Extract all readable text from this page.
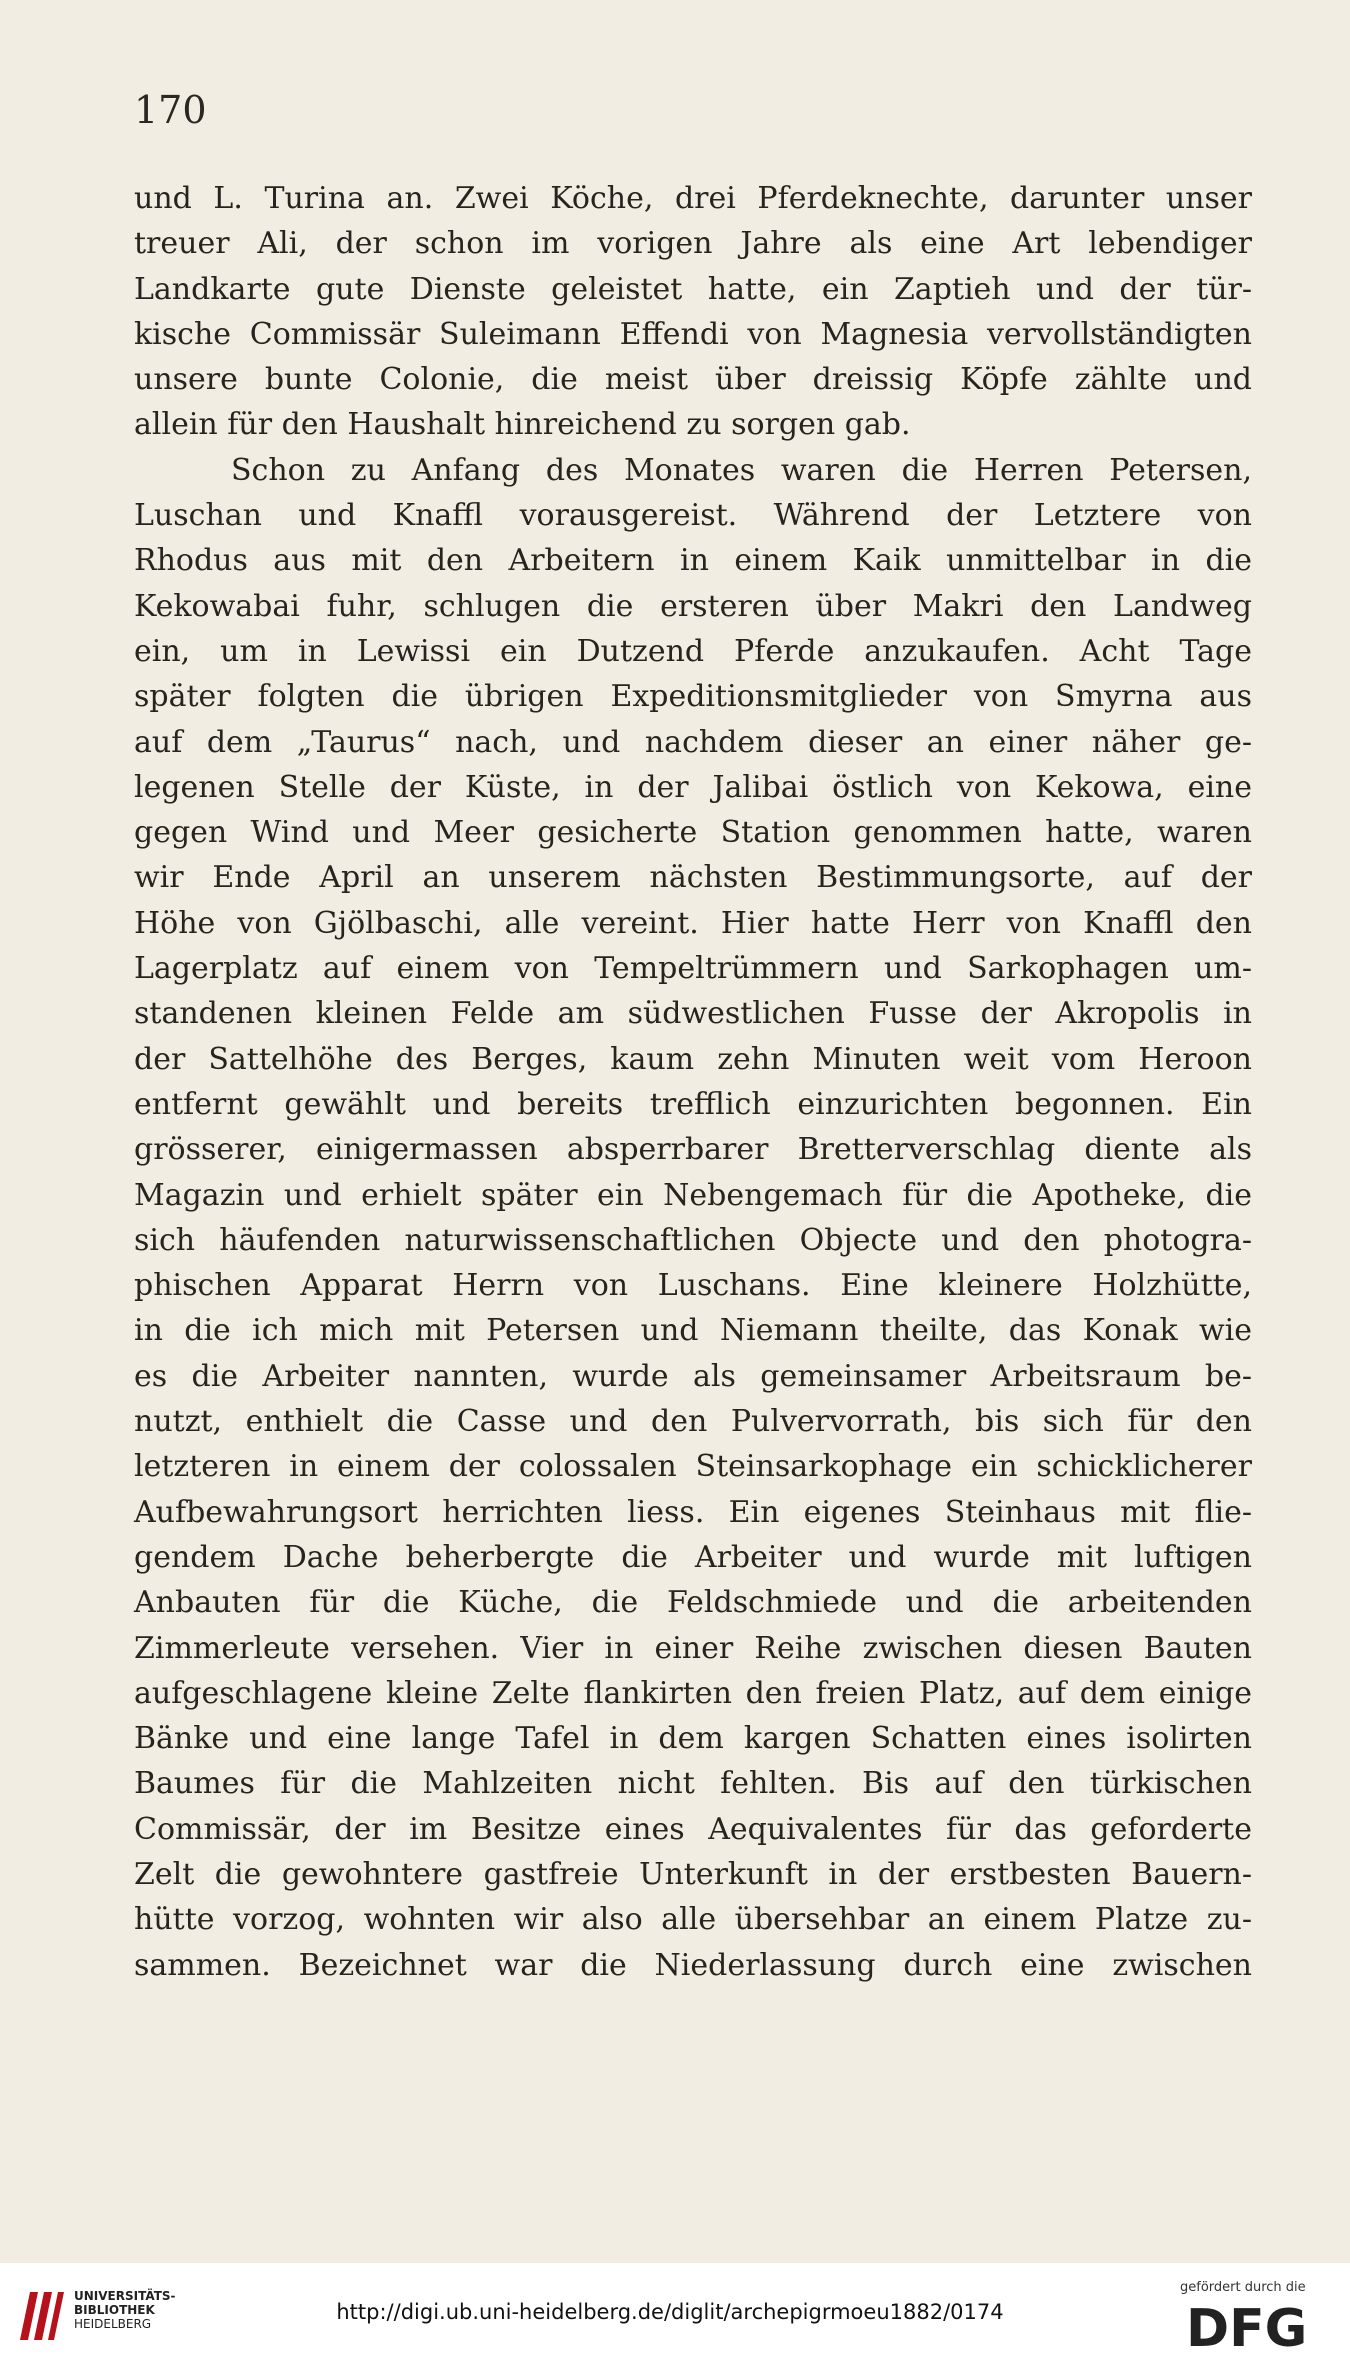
170
und L. Turina an. Zwei Köche, drei Pferdeknechte, darunter unser
treuer Ali, der schon im vorigen Jahre als eine Art lebendiger
Landkarte gute Dienste geleistet hatte, ein Zaptieh und der tür-
kische Commissär Suleimann Effendi von Magnesia vervollständigten
unsere bunte Colonie, die meist über dreissig Köpfe zählte und
allein für den Haushalt hinreichend zu sorgen gab.
Schon zu Anfang des Monates waren die Herren Petersen,
Luschan und Knaffl vorausgereist. Während der Letztere von
Rhodus aus mit den Arbeitern in einem Kaik unmittelbar in die
Kekowabai fuhr, schlugen die ersteren über Makri den Landweg
ein, um in Lewissi ein Dutzend Pferde anzukaufen. Acht Tage
später folgten die übrigen Expeditionsmitglieder von Smyrna aus
auf dem „Taurus“ nach, und nachdem dieser an einer näher ge-
legenen Stelle der Küste, in der Jalibai östlich von Kekowa, eine
gegen Wind und Meer gesicherte Station genommen hatte, waren
wir Ende April an unserem nächsten Bestimmungsorte, auf der
Höhe von Gjölbaschi, alle vereint. Hier hatte Herr von Knaffl den
Lagerplatz auf einem von Tempeltrümmern und Sarkophagen um-
standenen kleinen Felde am südwestlichen Fusse der Akropolis in
der Sattelhöhe des Berges, kaum zehn Minuten weit vom Heroon
entfernt gewählt und bereits trefflich einzurichten begonnen. Ein
grösserer, einigermassen absperrbarer Bretterverschlag diente als
Magazin und erhielt später ein Nebengemach für die Apotheke, die
sich häufenden naturwissenschaftlichen Objecte und den photogra-
phischen Apparat Herrn von Luschans. Eine kleinere Holzhütte,
in die ich mich mit Petersen und Niemann theilte, das Konak wie
es die Arbeiter nannten, wurde als gemeinsamer Arbeitsraum be-
nutzt, enthielt die Casse und den Pulvervorrath, bis sich für den
letzteren in einem der colossalen Steinsarkophage ein schicklicherer
Aufbewahrungsort herrichten liess. Ein eigenes Steinhaus mit flie-
gendem Dache beherbergte die Arbeiter und wurde mit luftigen
Anbauten für die Küche, die Feldschmiede und die arbeitenden
Zimmerleute versehen. Vier in einer Reihe zwischen diesen Bauten
aufgeschlagene kleine Zelte flankirten den freien Platz, auf dem einige
Bänke und eine lange Tafel in dem kargen Schatten eines isolirten
Baumes für die Mahlzeiten nicht fehlten. Bis auf den türkischen
Commissär, der im Besitze eines Aequivalentes für das geforderte
Zelt die gewohntere gastfreie Unterkunft in der erstbesten Bauern-
hütte vorzog, wohnten wir also alle übersehbar an einem Platze zu-
sammen. Bezeichnet war die Niederlassung durch eine zwischen
UNIVERSITÄTS-
BIBLIOTHEK
HEIDELBERG	http://digi.ub.uni-heidelberg.de/diglit/archepigrmoeu1882/0174
gefördert durch die
DFG
